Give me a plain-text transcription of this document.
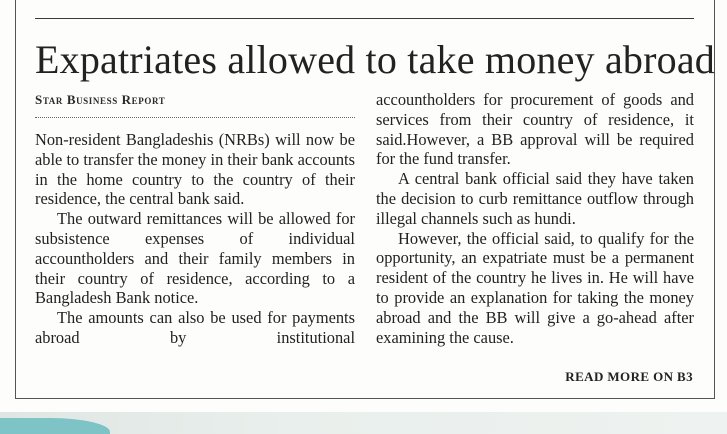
Expatriates allowed to take money abroad
Star Business Report

Non-resident Bangladeshis (NRBs) will now be able to transfer the money in their bank accounts in the home country to the country of their residence, the central bank said.

The outward remittances will be allowed for subsistence expenses of individual accountholders and their family members in their country of residence, according to a Bangladesh Bank notice.

The amounts can also be used for payments abroad by institutional

accountholders for procurement of goods and services from their country of residence, it said.However, a BB approval will be required for the fund transfer.

A central bank official said they have taken the decision to curb remittance outflow through illegal channels such as hundi.

However, the official said, to qualify for the opportunity, an expatriate must be a permanent resident of the country he lives in. He will have to provide an explanation for taking the money abroad and the BB will give a go-ahead after examining the cause.

READ MORE ON B3
